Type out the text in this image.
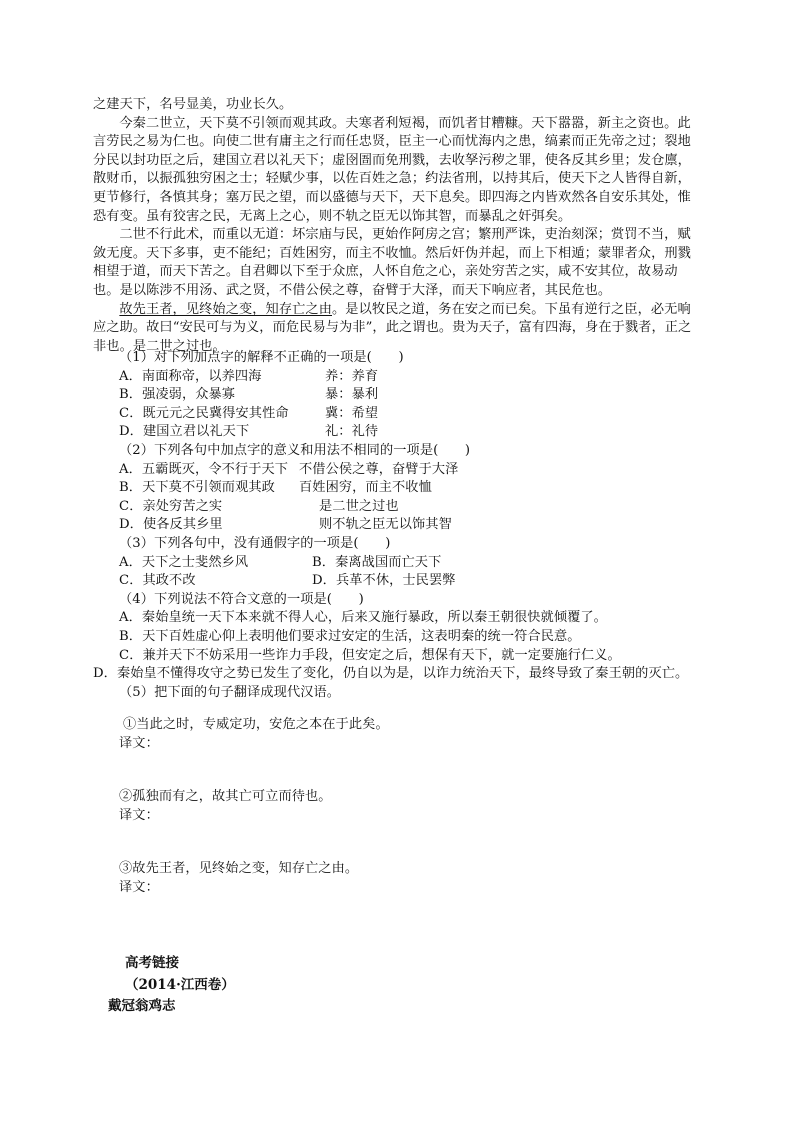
之建天下，名号显美，功业长久。

今秦二世立，天下莫不引领而观其政。夫寒者利短褐，而饥者甘糟糠。天下嚣嚣，新主之资也。此言劳民之易为仁也。向使二世有庸主之行而任忠贤，臣主一心而忧海内之患，缟素而正先帝之过；裂地分民以封功臣之后，建国立君以礼天下；虚囹圄而免刑戮，去收孥污秽之罪，使各反其乡里；发仓廪，散财币，以振孤独穷困之士；轻赋少事，以佐百姓之急；约法省刑，以持其后，使天下之人皆得自新，更节修行，各慎其身；塞万民之望，而以盛德与天下，天下息矣。即四海之内皆欢然各自安乐其处，惟恐有变。虽有狡害之民，无离上之心，则不轨之臣无以饰其智，而暴乱之奸弭矣。

二世不行此术，而重以无道：坏宗庙与民，更始作阿房之宫；繁刑严诛，吏治刻深；赏罚不当，赋敛无度。天下多事，吏不能纪；百姓困穷，而主不收恤。然后奸伪并起，而上下相遁；蒙罪者众，刑戮相望于道，而天下苦之。自君卿以下至于众庶，人怀自危之心，亲处穷苦之实，咸不安其位，故易动也。是以陈涉不用汤、武之贤，不借公侯之尊，奋臂于大泽，而天下响应者，其民危也。

故先王者，见终始之变，知存亡之由。是以牧民之道，务在安之而已矣。下虽有逆行之臣，必无响应之助。故曰“安民可与为义，而危民易与为非”，此之谓也。贵为天子，富有四海，身在于戮者，正之非也。是二世之过也。

（1）对下列加点字的解释不正确的一项是(　　)

A．南面称帝，以养四海	养：养育

B．强凌弱，众暴寡	暴：暴利

C．既元元之民冀得安其性命	冀：希望

D．建国立君以礼天下	礼：礼待

（2）下列各句中加点字的意义和用法不相同的一项是(　　)

A．五霸既灭，令不行于天下 不借公侯之尊，奋臂于大泽

B．天下莫不引领而观其政 百姓困穷，而主不收恤

C．亲处穷苦之实	是二世之过也

D．使各反其乡里	则不轨之臣无以饰其智

（3）下列各句中，没有通假字的一项是(　　)

A．天下之士斐然乡风	B．秦离战国而亡天下

C．其政不改	D．兵革不休，士民罢弊

（4）下列说法不符合文意的一项是(　　)

A．秦始皇统一天下本来就不得人心，后来又施行暴政，所以秦王朝很快就倾覆了。

B．天下百姓虚心仰上表明他们要求过安定的生活，这表明秦的统一符合民意。

C．兼并天下不妨采用一些诈力手段，但安定之后，想保有天下，就一定要施行仁义。

D．秦始皇不懂得攻守之势已发生了变化，仍自以为是，以诈力统治天下，最终导致了秦王朝的灭亡。

（5）把下面的句子翻译成现代汉语。

①当此之时，专威定功，安危之本在于此矣。

译文：

②孤独而有之，故其亡可立而待也。

译文：

③故先王者，见终始之变，知存亡之由。

译文：

高考链接
（2014·江西卷）
戴冠翁鸡志
